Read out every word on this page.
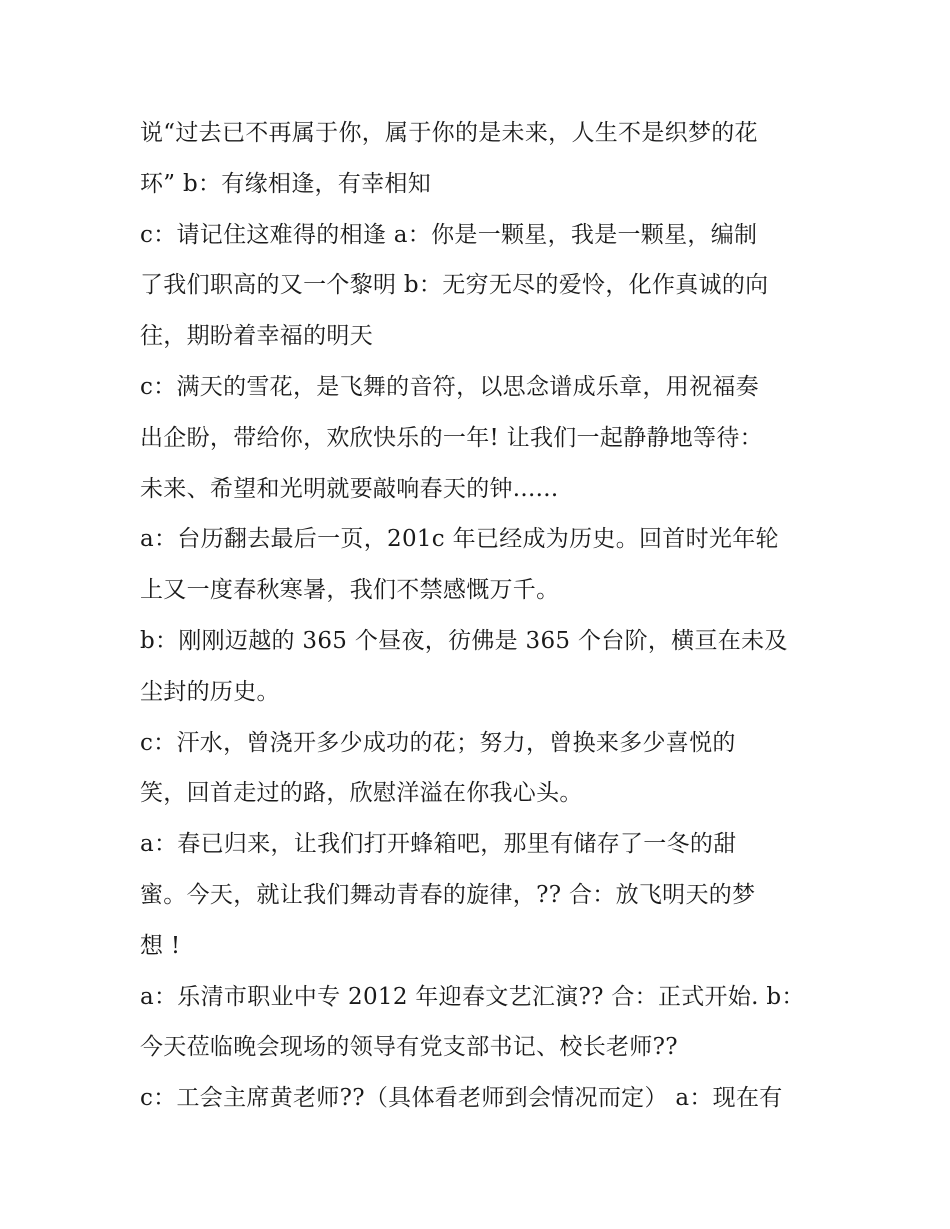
说“过去已不再属于你，属于你的是未来，人生不是织梦的花
环” b：有缘相逢，有幸相知
c：请记住这难得的相逢 a：你是一颗星，我是一颗星，编制
了我们职高的又一个黎明 b：无穷无尽的爱怜，化作真诚的向
往，期盼着幸福的明天
c：满天的雪花，是飞舞的音符，以思念谱成乐章，用祝福奏
出企盼，带给你，欢欣快乐的一年! 让我们一起静静地等待：
未来、希望和光明就要敲响春天的钟......
a：台历翻去最后一页，201c 年已经成为历史。回首时光年轮
上又一度春秋寒暑，我们不禁感慨万千。
b：刚刚迈越的 365 个昼夜，彷佛是 365 个台阶，横亘在未及
尘封的历史。
c：汗水，曾浇开多少成功的花；努力，曾换来多少喜悦的
笑，回首走过的路，欣慰洋溢在你我心头。
a：春已归来，让我们打开蜂箱吧，那里有储存了一冬的甜
蜜。今天，就让我们舞动青春的旋律，?? 合：放飞明天的梦
想 !
a：乐清市职业中专 2012 年迎春文艺汇演?? 合：正式开始. b：
今天莅临晚会现场的领导有党支部书记、校长老师??
c：工会主席黄老师??（具体看老师到会情况而定） a：现在有
